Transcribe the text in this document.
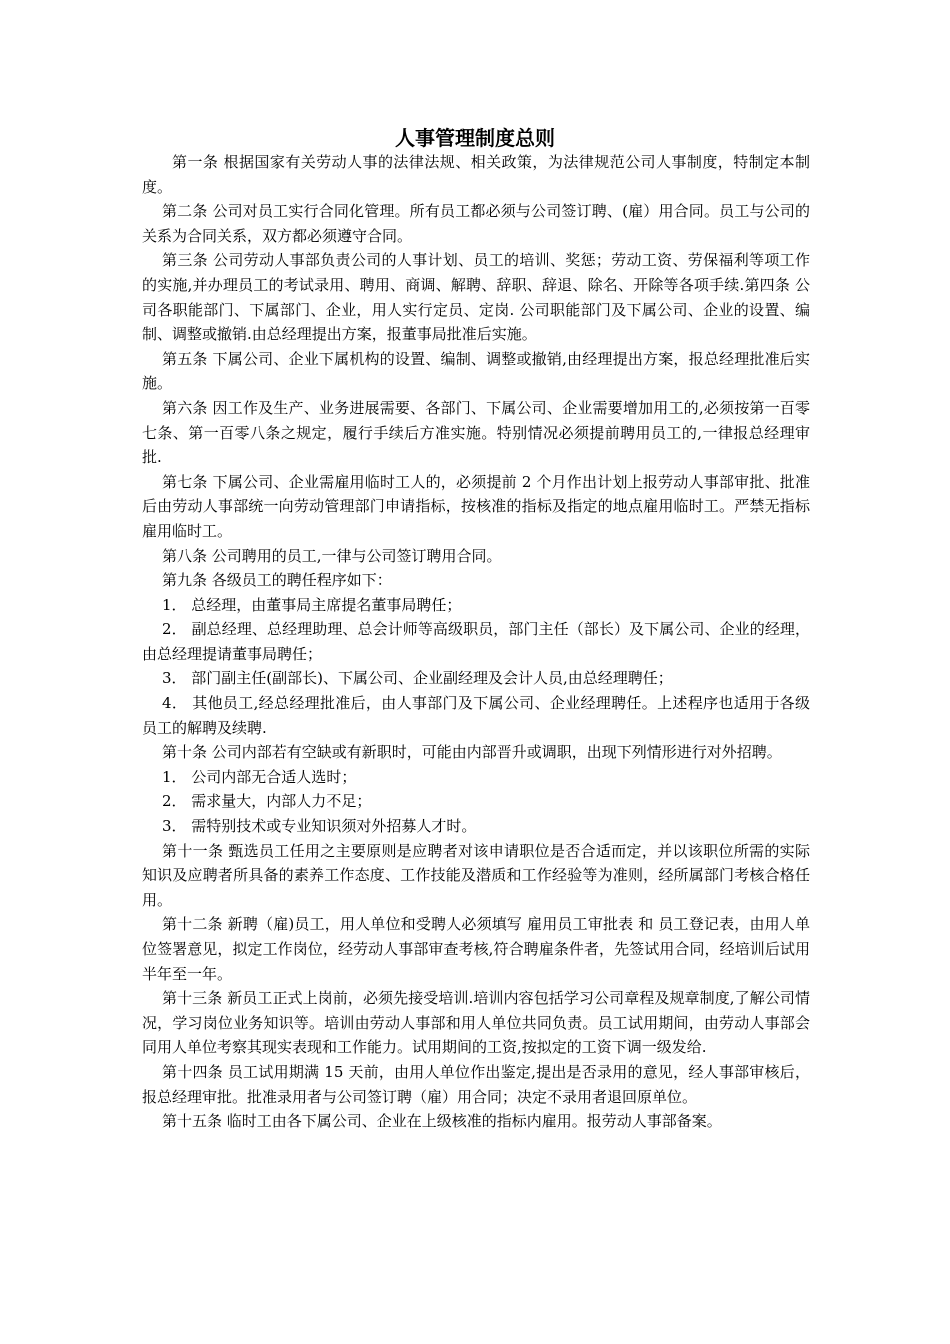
人事管理制度总则

第一条 根据国家有关劳动人事的法律法规、相关政策，为法律规范公司人事制度，特制定本制度。

第二条 公司对员工实行合同化管理。所有员工都必须与公司签订聘、(雇）用合同。员工与公司的关系为合同关系，双方都必须遵守合同。

第三条 公司劳动人事部负责公司的人事计划、员工的培训、奖惩；劳动工资、劳保福利等项工作的实施,并办理员工的考试录用、聘用、商调、解聘、辞职、辞退、除名、开除等各项手续.第四条 公司各职能部门、下属部门、企业，用人实行定员、定岗. 公司职能部门及下属公司、企业的设置、编制、调整或撤销.由总经理提出方案，报董事局批准后实施。

第五条 下属公司、企业下属机构的设置、编制、调整或撤销,由经理提出方案，报总经理批准后实施。

第六条 因工作及生产、业务进展需要、各部门、下属公司、企业需要增加用工的,必须按第一百零七条、第一百零八条之规定，履行手续后方准实施。特别情况必须提前聘用员工的,一律报总经理审批.

第七条 下属公司、企业需雇用临时工人的，必须提前 2 个月作出计划上报劳动人事部审批、批准后由劳动人事部统一向劳动管理部门申请指标，按核准的指标及指定的地点雇用临时工。严禁无指标雇用临时工。

第八条 公司聘用的员工,一律与公司签订聘用合同。

第九条 各级员工的聘任程序如下：

1． 总经理，由董事局主席提名董事局聘任；

2． 副总经理、总经理助理、总会计师等高级职员，部门主任（部长）及下属公司、企业的经理，由总经理提请董事局聘任；

3． 部门副主任(副部长)、下属公司、企业副经理及会计人员,由总经理聘任；

4． 其他员工,经总经理批准后，由人事部门及下属公司、企业经理聘任。上述程序也适用于各级员工的解聘及续聘.

第十条 公司内部若有空缺或有新职时，可能由内部晋升或调职，出现下列情形进行对外招聘。

1． 公司内部无合适人选时；

2． 需求量大，内部人力不足；

3． 需特别技术或专业知识须对外招募人才时。

第十一条 甄选员工任用之主要原则是应聘者对该申请职位是否合适而定，并以该职位所需的实际知识及应聘者所具备的素养工作态度、工作技能及潜质和工作经验等为准则，经所属部门考核合格任用。

第十二条 新聘（雇)员工，用人单位和受聘人必须填写 雇用员工审批表 和 员工登记表，由用人单位签署意见，拟定工作岗位，经劳动人事部审查考核,符合聘雇条件者，先签试用合同，经培训后试用半年至一年。

第十三条 新员工正式上岗前，必须先接受培训.培训内容包括学习公司章程及规章制度,了解公司情况，学习岗位业务知识等。培训由劳动人事部和用人单位共同负责。员工试用期间，由劳动人事部会同用人单位考察其现实表现和工作能力。试用期间的工资,按拟定的工资下调一级发给.

第十四条 员工试用期满 15 天前，由用人单位作出鉴定,提出是否录用的意见，经人事部审核后，报总经理审批。批准录用者与公司签订聘（雇）用合同；决定不录用者退回原单位。

第十五条 临时工由各下属公司、企业在上级核准的指标内雇用。报劳动人事部备案。
